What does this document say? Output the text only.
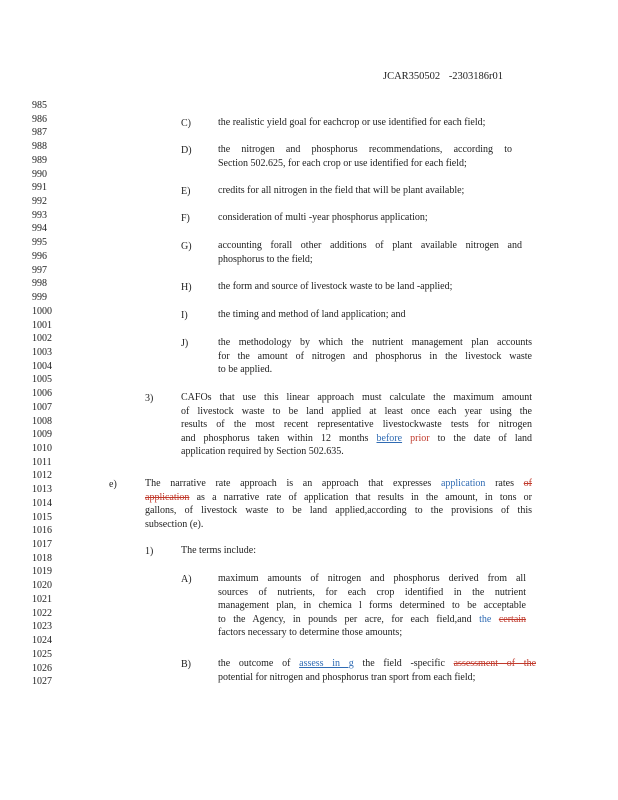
JCAR350502 -2303186r01
985
986
987
988
989
990
991
992
993
994
995
996
997
998
999
1000
1001
1002
1003
1004
1005
1006
1007
1008
1009
1010
1011
1012
1013
1014
1015
1016
1017
1018
1019
1020
1021
1022
1023
1024
1025
1026
1027
C)	the realistic yield goal for eachcrop or use identified for each field;
D)	the nitrogen and phosphorus recommendations, according to
Section 502.625, for each crop or use identified for each field;
E)	credits for all nitrogen in the field that will be plant available;
F)	consideration of multi -year phosphorus application;
G)	accounting forall other additions of plant available nitrogen and
phosphorus to the field;
H)	the form and source of livestock waste to be land -applied;
I)	the timing and method of land application; and
J)	the methodology by which the nutrient management plan accounts
for the amount of nitrogen and phosphorus in the livestock waste
to be applied.
3)	CAFOs that use this linear approach must calculate the maximum amount
of livestock waste to be land applied at least once each year using the
results of the most recent representative livestockwaste tests for nitrogen
and phosphorus taken within 12 months before prior to the date of land
application required by Section 502.635.
e)	The narrative rate approach is an approach that expresses application rates of
application as a narrative rate of application that results in the amount, in tons or
gallons, of livestock waste to be land applied,according to the provisions of this
subsection (e).
1)	The terms include:
A)	maximum amounts of nitrogen and phosphorus derived from all
sources of nutrients, for each crop identified in the nutrient
management plan, in chemica l forms determined to be acceptable
to the Agency, in pounds per acre, for each field,and the certain
factors necessary to determine those amounts;
B)	the outcome of assess in g the field -specific assessment of the
potential for nitrogen and phosphorus tran sport from each field;
